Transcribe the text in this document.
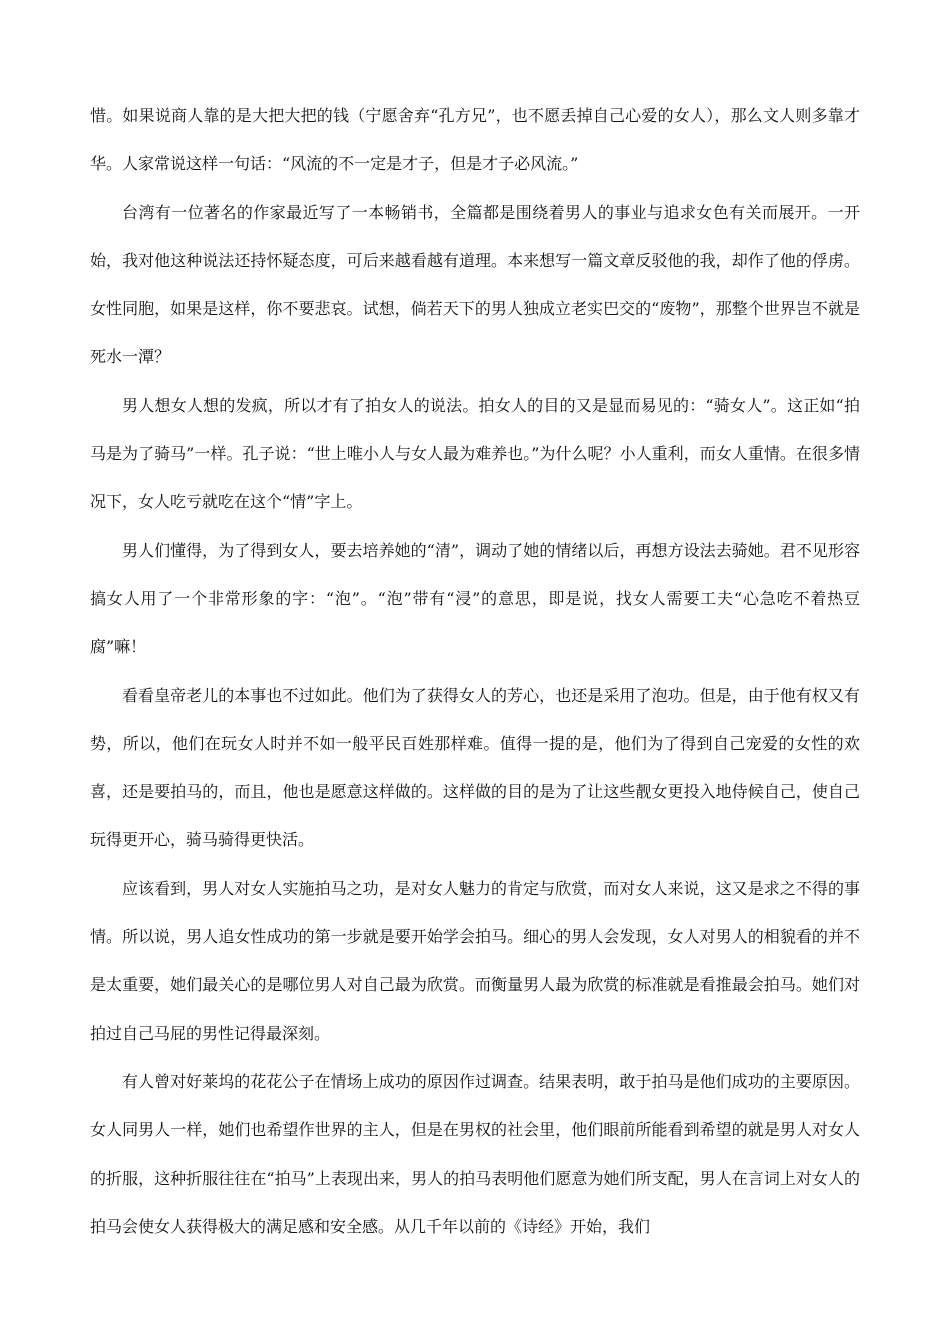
惜。如果说商人靠的是大把大把的钱（宁愿舍弃“孔方兄”，也不愿丢掉自己心爱的女人），那么文人则多靠才华。人家常说这样一句话：“风流的不一定是才子，但是才子必风流。”

台湾有一位著名的作家最近写了一本畅销书，全篇都是围绕着男人的事业与追求女色有关而展开。一开始，我对他这种说法还持怀疑态度，可后来越看越有道理。本来想写一篇文章反驳他的我，却作了他的俘虏。女性同胞，如果是这样，你不要悲哀。试想，倘若天下的男人独成立老实巴交的“废物”，那整个世界岂不就是死水一潭？

男人想女人想的发疯，所以才有了拍女人的说法。拍女人的目的又是显而易见的：“骑女人”。这正如“拍马是为了骑马”一样。孔子说：“世上唯小人与女人最为难养也。”为什么呢？小人重利，而女人重情。在很多情况下，女人吃亏就吃在这个“情”字上。

男人们懂得，为了得到女人，要去培养她的“清”，调动了她的情绪以后，再想方设法去骑她。君不见形容搞女人用了一个非常形象的字：“泡”。“泡”带有“浸”的意思，即是说，找女人需要工夫“心急吃不着热豆腐”嘛！

看看皇帝老儿的本事也不过如此。他们为了获得女人的芳心，也还是采用了泡功。但是，由于他有权又有势，所以，他们在玩女人时并不如一般平民百姓那样难。值得一提的是，他们为了得到自己宠爱的女性的欢喜，还是要拍马的，而且，他也是愿意这样做的。这样做的目的是为了让这些靓女更投入地侍候自己，使自己玩得更开心，骑马骑得更快活。

应该看到，男人对女人实施拍马之功，是对女人魅力的肯定与欣赏，而对女人来说，这又是求之不得的事情。所以说，男人追女性成功的第一步就是要开始学会拍马。细心的男人会发现，女人对男人的相貌看的并不是太重要，她们最关心的是哪位男人对自己最为欣赏。而衡量男人最为欣赏的标准就是看推最会拍马。她们对拍过自己马屁的男性记得最深刻。

有人曾对好莱坞的花花公子在情场上成功的原因作过调查。结果表明，敢于拍马是他们成功的主要原因。女人同男人一样，她们也希望作世界的主人，但是在男权的社会里，他们眼前所能看到希望的就是男人对女人的折服，这种折服往往在“拍马”上表现出来，男人的拍马表明他们愿意为她们所支配，男人在言词上对女人的拍马会使女人获得极大的满足感和安全感。从几千年以前的《诗经》开始，我们
